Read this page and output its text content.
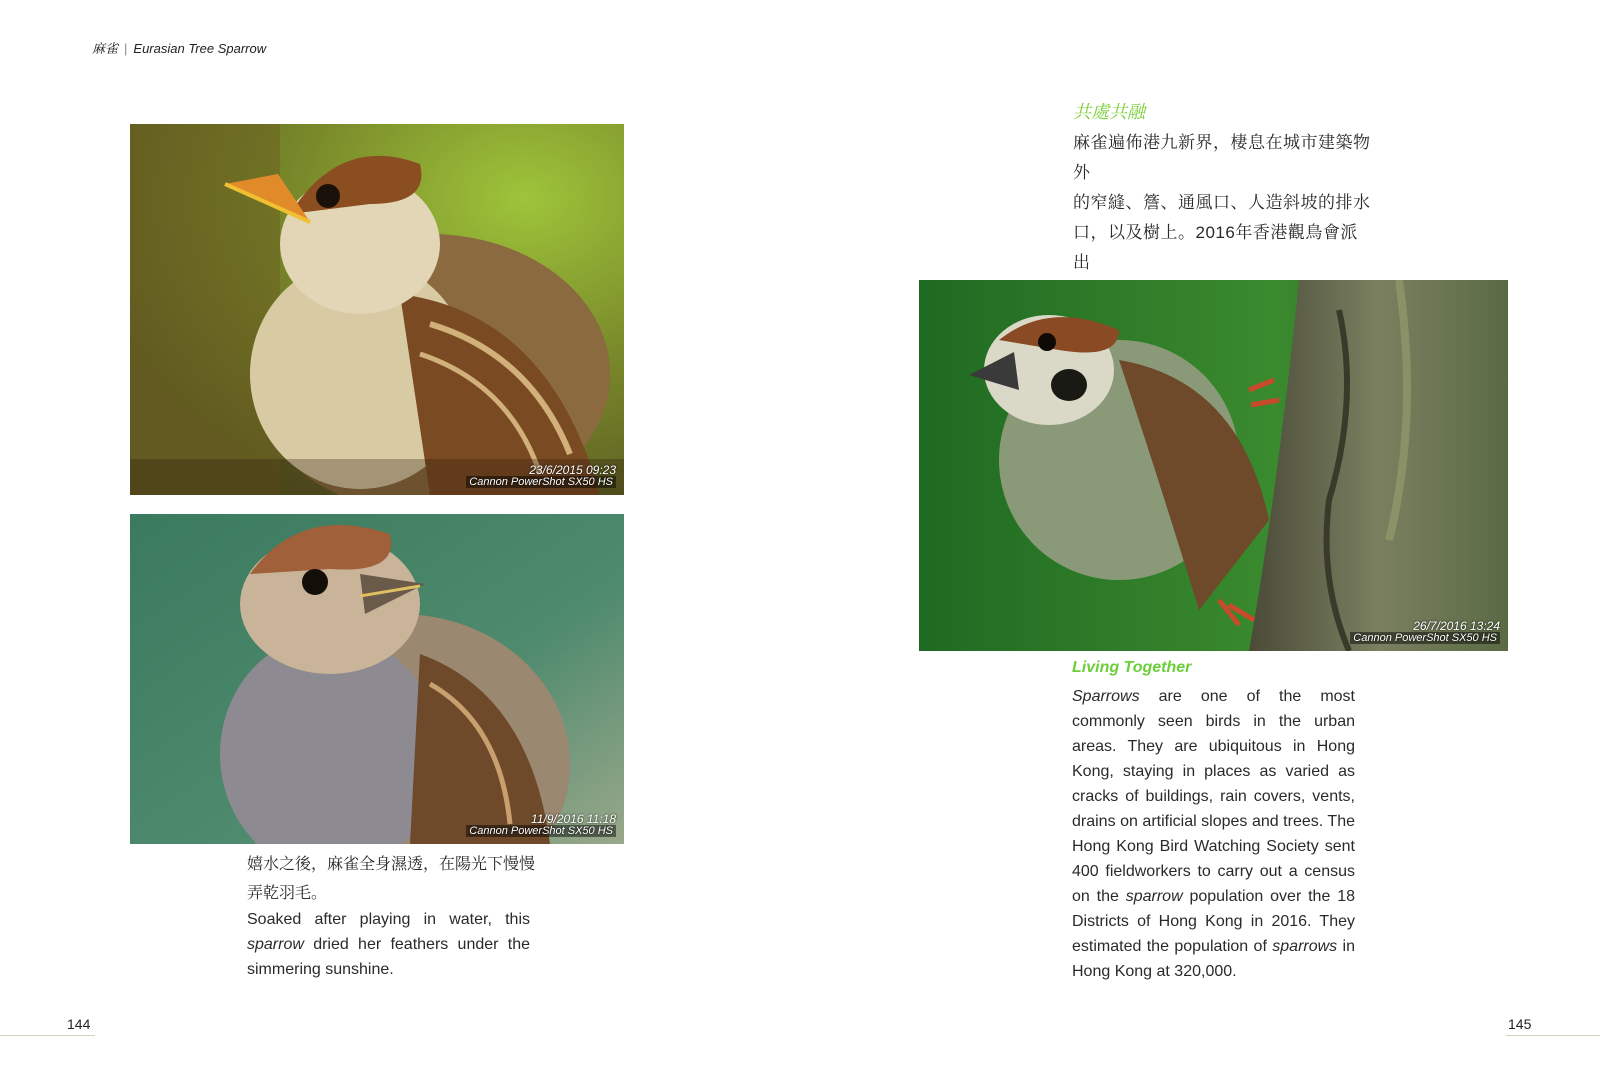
麻雀 | Eurasian Tree Sparrow
23/6/2015 09:23
Cannon PowerShot SX50 HS
11/9/2016 11:18
Cannon PowerShot SX50 HS
嬉水之後，麻雀全身濕透，在陽光下慢慢
弄乾羽毛。
Soaked after playing in water, this sparrow dried her feathers under the simmering sunshine.
144
共處共融
麻雀遍佈港九新界，棲息在城市建築物外
的窄縫、簷、通風口、人造斜坡的排水
口，以及樹上。2016年香港觀鳥會派出
26/7/2016 13:24
Cannon PowerShot SX50 HS
Living Together
Sparrows are one of the most commonly seen birds in the urban areas. They are ubiquitous in Hong Kong, staying in places as varied as cracks of buildings, rain covers, vents, drains on artificial slopes and trees. The Hong Kong Bird Watching Society sent 400 fieldworkers to carry out a census on the sparrow population over the 18 Districts of Hong Kong in 2016. They estimated the population of sparrows in Hong Kong at 320,000.
145
